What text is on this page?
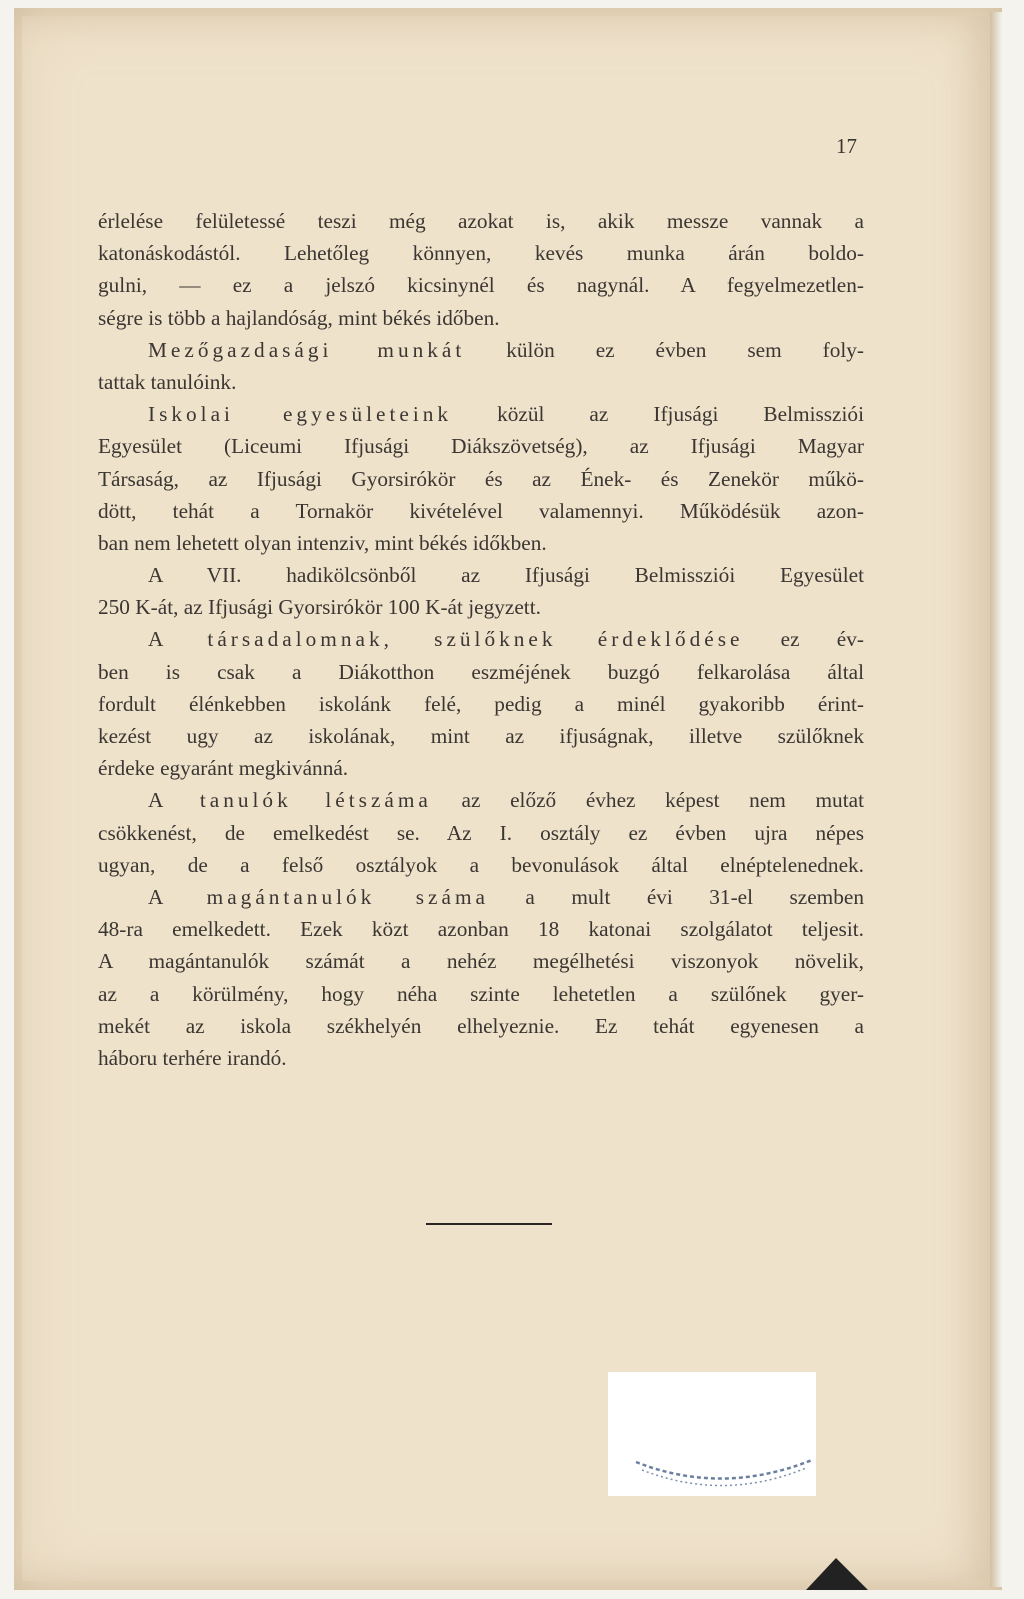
17
érlelése felületessé teszi még azokat is, akik messze vannak a
katonáskodástól. Lehetőleg könnyen, kevés munka árán boldo-
gulni, — ez a jelszó kicsinynél és nagynál. A fegyelmezetlen-
ségre is több a hajlandóság, mint békés időben.
Mezőgazdasági munkát külön ez évben sem foly-
tattak tanulóink.
Iskolai egyesületeink közül az Ifjusági Belmissziói
Egyesület (Liceumi Ifjusági Diákszövetség), az Ifjusági Magyar
Társaság, az Ifjusági Gyorsirókör és az Ének- és Zenekör műkö-
dött, tehát a Tornakör kivételével valamennyi. Működésük azon-
ban nem lehetett olyan intenziv, mint békés időkben.
A VII. hadikölcsönből az Ifjusági Belmissziói Egyesület
250 K-át, az Ifjusági Gyorsirókör 100 K-át jegyzett.
A társadalomnak, szülőknek érdeklődése ez év-
ben is csak a Diákotthon eszméjének buzgó felkarolása által
fordult élénkebben iskolánk felé, pedig a minél gyakoribb érint-
kezést ugy az iskolának, mint az ifjuságnak, illetve szülőknek
érdeke egyaránt megkivánná.
A tanulók létszáma az előző évhez képest nem mutat
csökkenést, de emelkedést se. Az I. osztály ez évben ujra népes
ugyan, de a felső osztályok a bevonulások által elnéptelenednek.
A magántanulók száma a mult évi 31-el szemben
48-ra emelkedett. Ezek közt azonban 18 katonai szolgálatot teljesit.
A magántanulók számát a nehéz megélhetési viszonyok növelik,
az a körülmény, hogy néha szinte lehetetlen a szülőnek gyer-
mekét az iskola székhelyén elhelyeznie. Ez tehát egyenesen a
háboru terhére irandó.
